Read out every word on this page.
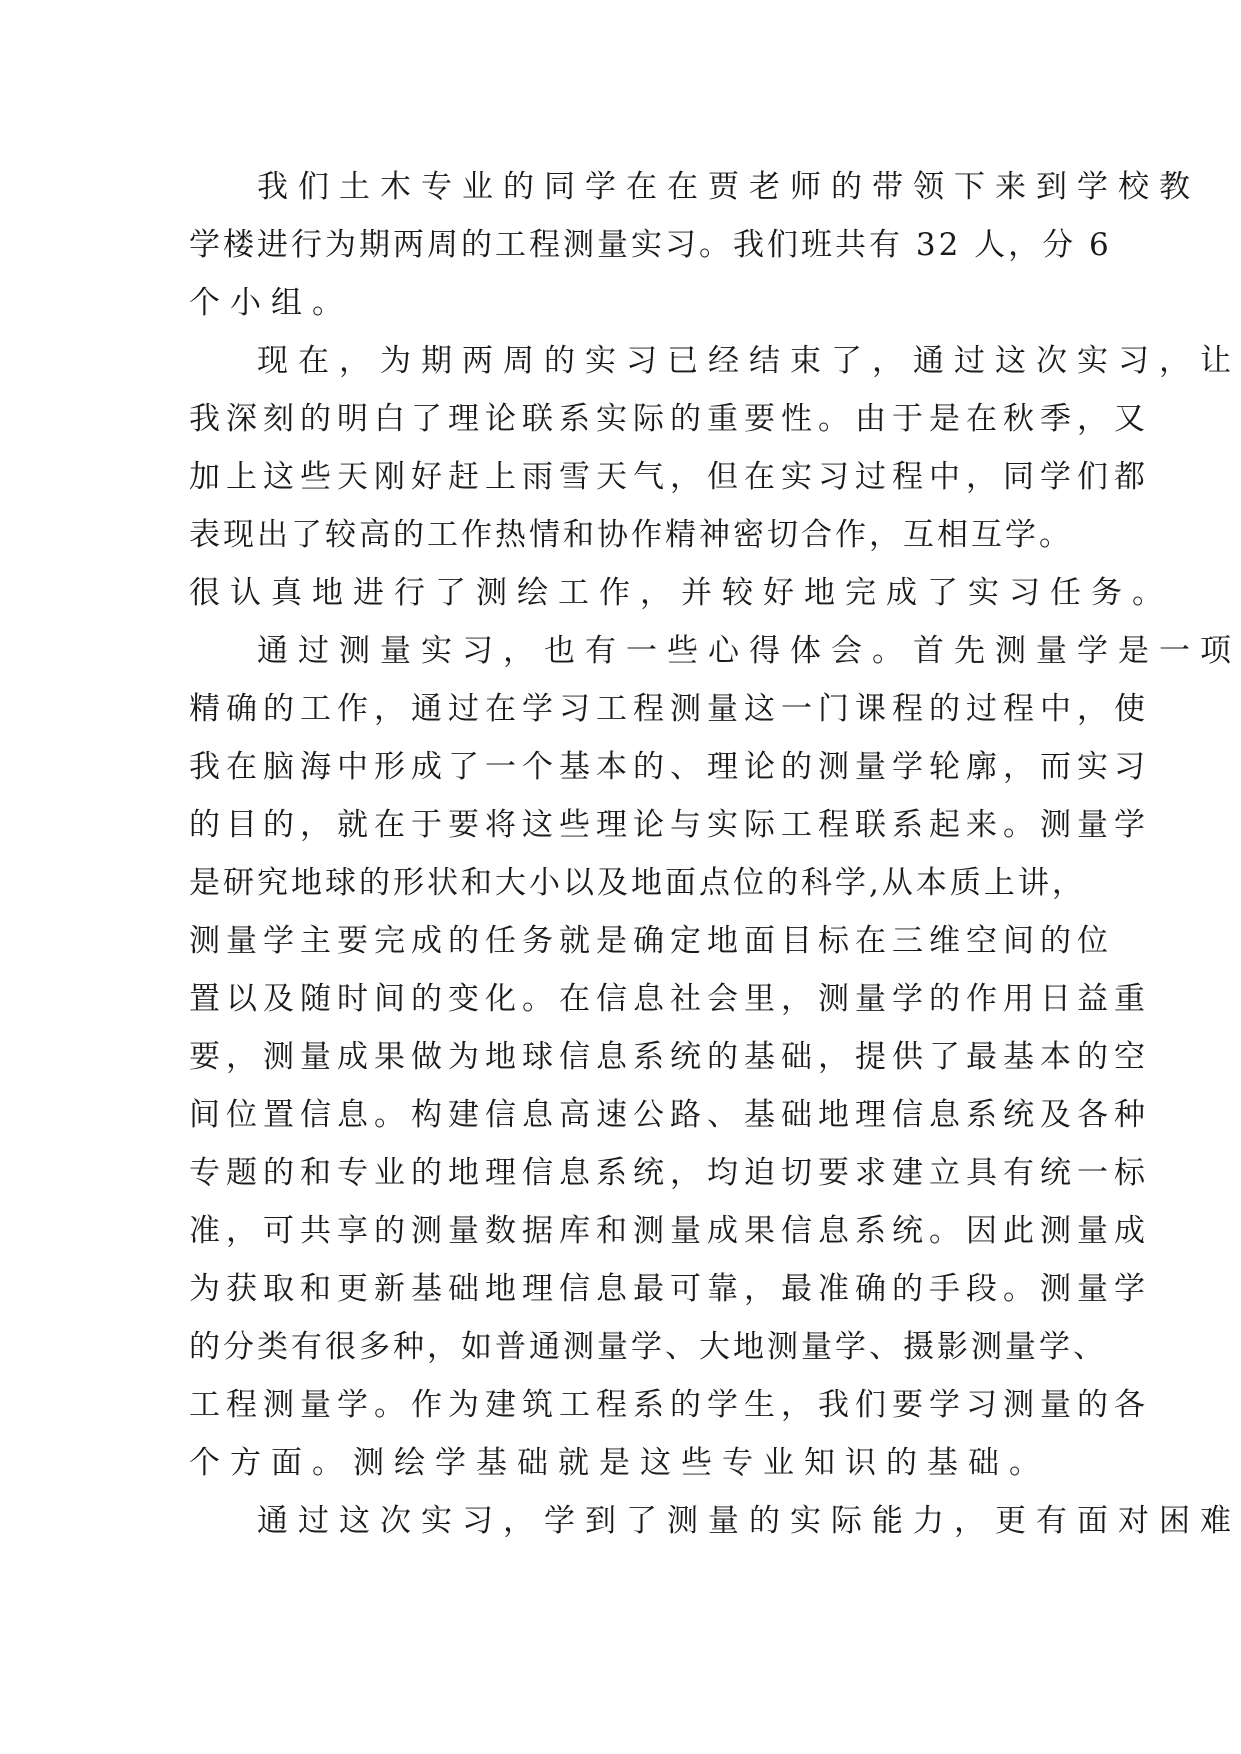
我们土木专业的同学在在贾老师的带领下来到学校教
学楼进行为期两周的工程测量实习。我们班共有 32 人，分 6
个小组。
现在，为期两周的实习已经结束了，通过这次实习，让
我深刻的明白了理论联系实际的重要性。由于是在秋季，又
加上这些天刚好赶上雨雪天气，但在实习过程中，同学们都
表现出了较高的工作热情和协作精神密切合作，互相互学。
很认真地进行了测绘工作，并较好地完成了实习任务。
通过测量实习，也有一些心得体会。首先测量学是一项
精确的工作，通过在学习工程测量这一门课程的过程中，使
我在脑海中形成了一个基本的、理论的测量学轮廓，而实习
的目的，就在于要将这些理论与实际工程联系起来。测量学
是研究地球的形状和大小以及地面点位的科学,从本质上讲，
测量学主要完成的任务就是确定地面目标在三维空间的位
置以及随时间的变化。在信息社会里，测量学的作用日益重
要，测量成果做为地球信息系统的基础，提供了最基本的空
间位置信息。构建信息高速公路、基础地理信息系统及各种
专题的和专业的地理信息系统，均迫切要求建立具有统一标
准，可共享的测量数据库和测量成果信息系统。因此测量成
为获取和更新基础地理信息最可靠，最准确的手段。测量学
的分类有很多种，如普通测量学、大地测量学、摄影测量学、
工程测量学。作为建筑工程系的学生，我们要学习测量的各
个方面。测绘学基础就是这些专业知识的基础。
通过这次实习，学到了测量的实际能力，更有面对困难
